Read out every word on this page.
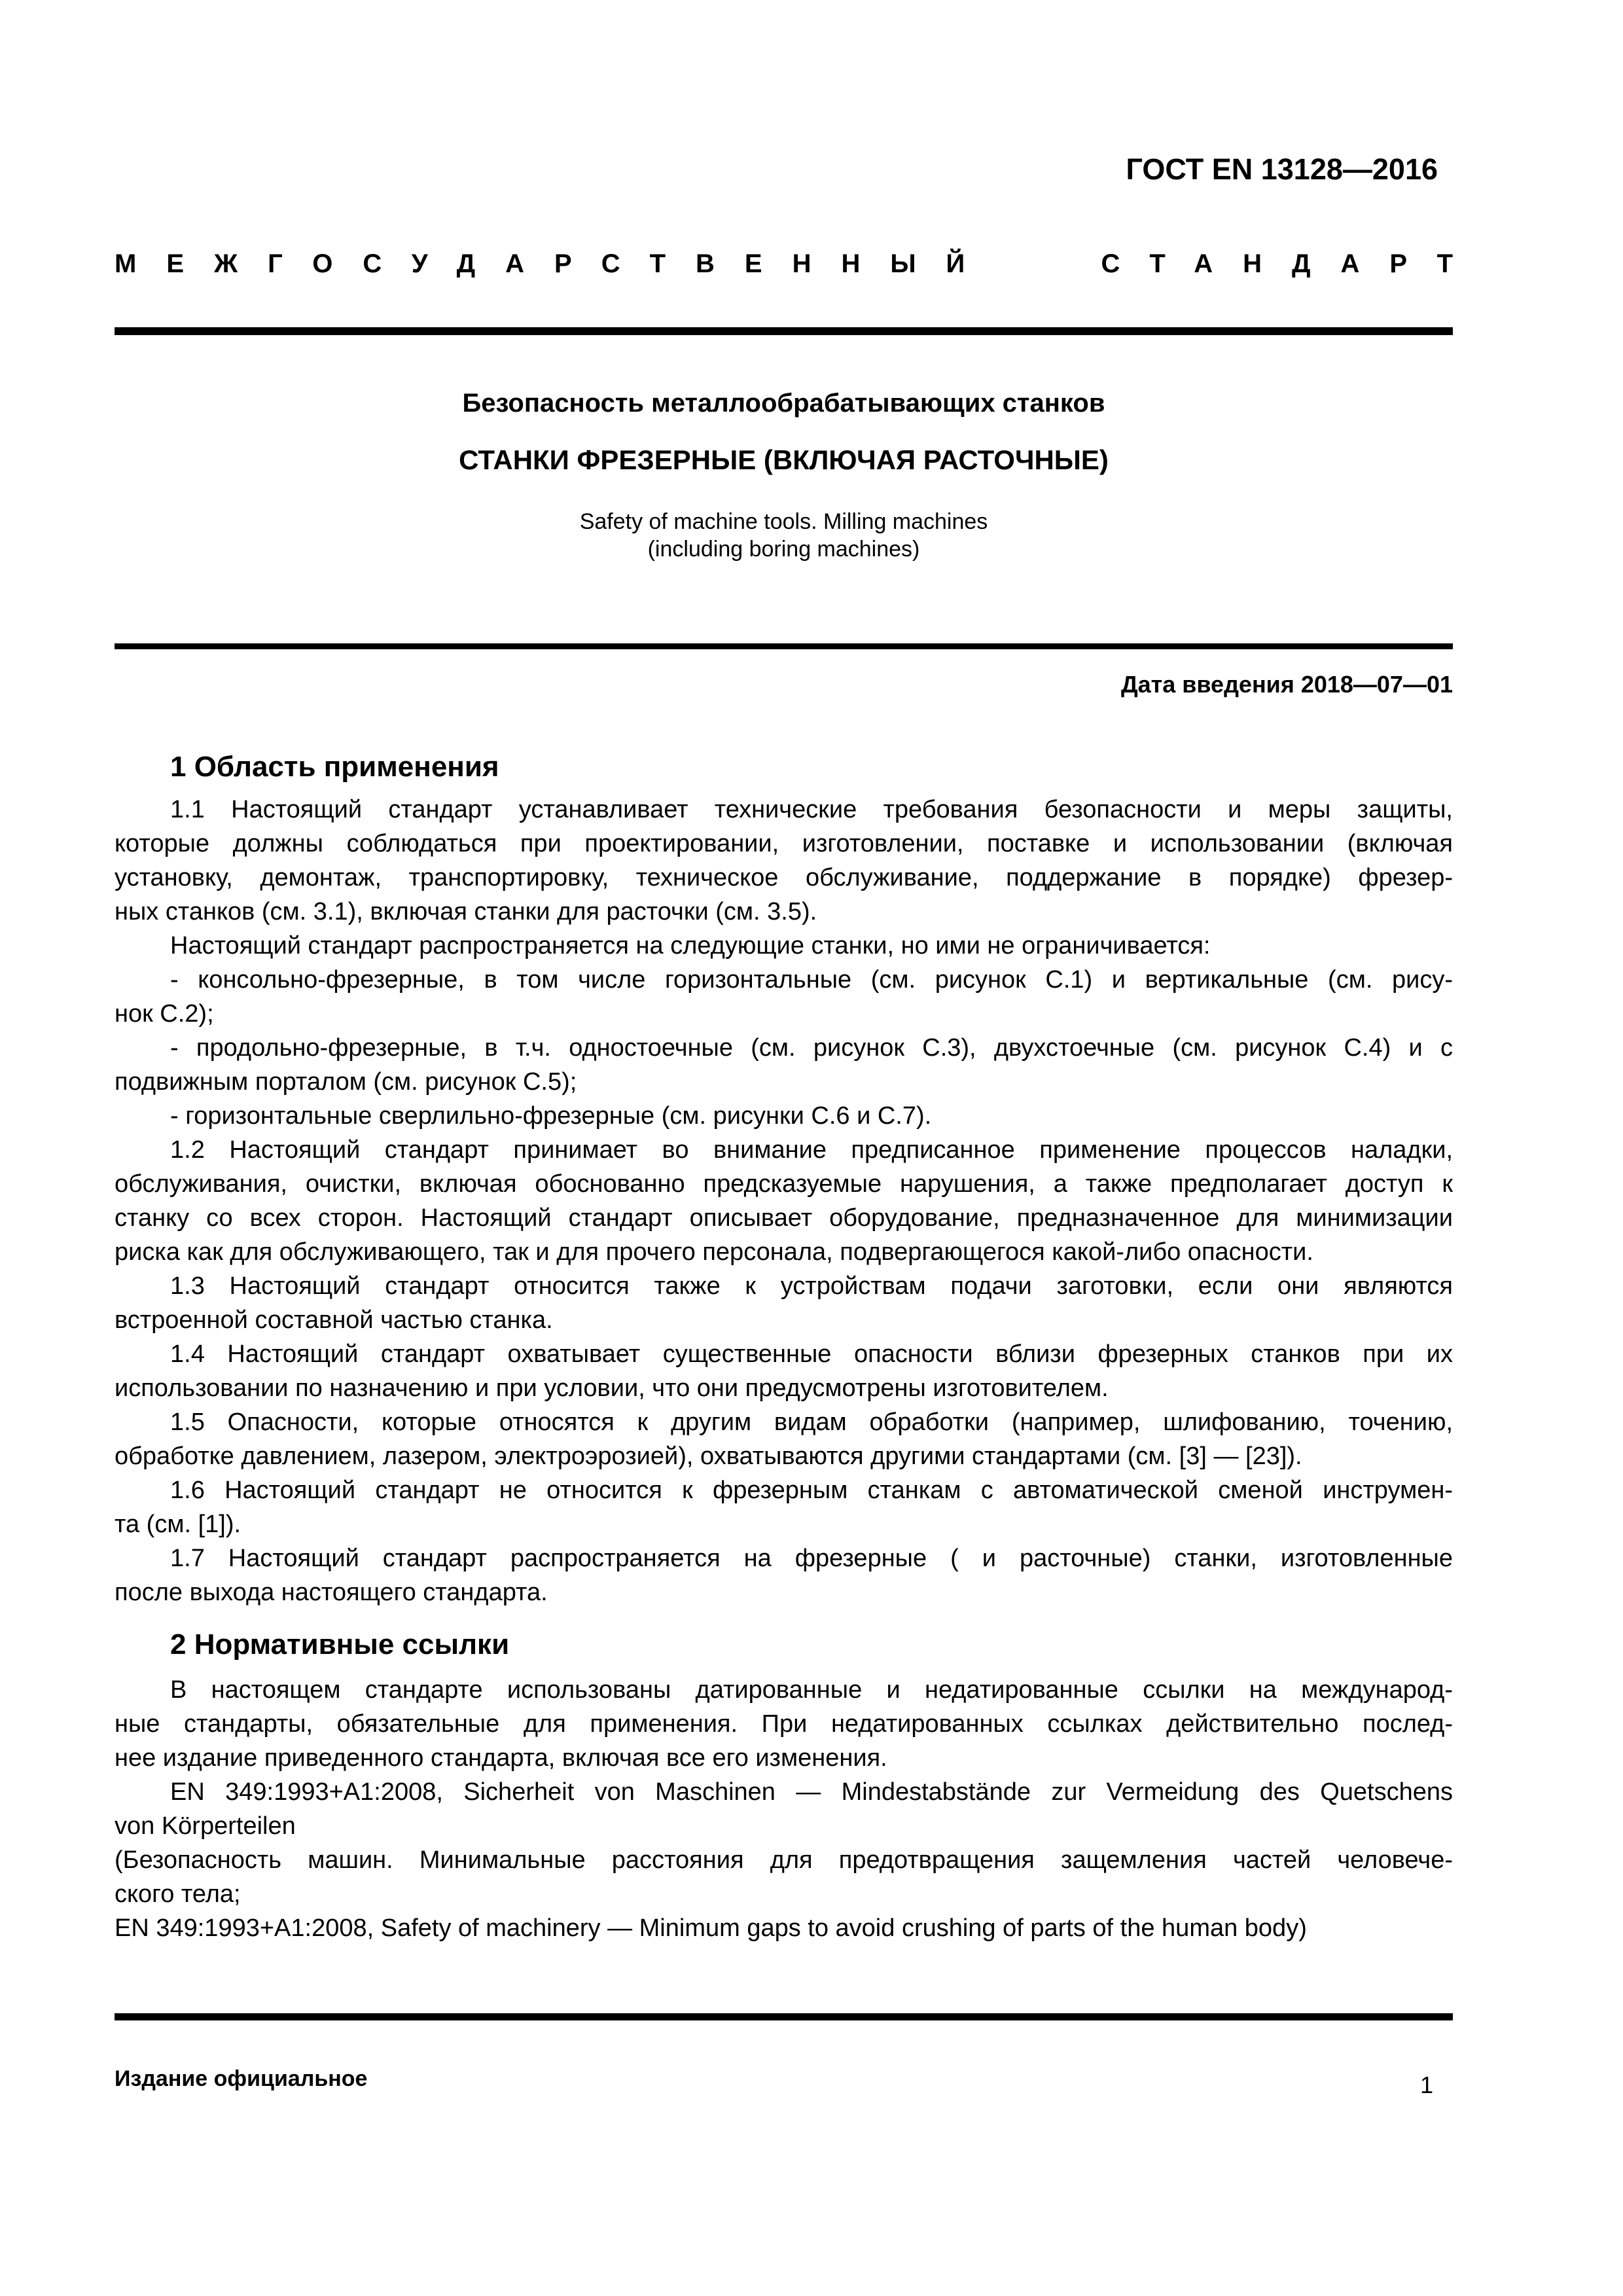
ГОСТ EN 13128—2016
МЕЖГОСУДАРСТВЕННЫЙ	СТАНДАРТ
Безопасность металлообрабатывающих станков
СТАНКИ ФРЕЗЕРНЫЕ (ВКЛЮЧАЯ РАСТОЧНЫЕ)
Safety of machine tools. Milling machines
(including boring machines)
Дата введения 2018—07—01
1 Область применения
1.1 Настоящий стандарт устанавливает технические требования безопасности и меры защиты,
которые должны соблюдаться при проектировании, изготовлении, поставке и использовании (включая
установку, демонтаж, транспортировку, техническое обслуживание, поддержание в порядке) фрезер-
ных станков (см. 3.1), включая станки для расточки (см. 3.5).
Настоящий стандарт распространяется на следующие станки, но ими не ограничивается:
- консольно-фрезерные, в том числе горизонтальные (см. рисунок С.1) и вертикальные (см. рису-
нок С.2);
- продольно-фрезерные, в т.ч. одностоечные (см. рисунок С.3), двухстоечные (см. рисунок С.4) и с
подвижным порталом (см. рисунок С.5);
- горизонтальные сверлильно-фрезерные (см. рисунки С.6 и С.7).
1.2 Настоящий стандарт принимает во внимание предписанное применение процессов наладки,
обслуживания, очистки, включая обоснованно предсказуемые нарушения, а также предполагает доступ к
станку со всех сторон. Настоящий стандарт описывает оборудование, предназначенное для минимизации
риска как для обслуживающего, так и для прочего персонала, подвергающегося какой-либо опасности.
1.3 Настоящий стандарт относится также к устройствам подачи заготовки, если они являются
встроенной составной частью станка.
1.4 Настоящий стандарт охватывает существенные опасности вблизи фрезерных станков при их
использовании по назначению и при условии, что они предусмотрены изготовителем.
1.5 Опасности, которые относятся к другим видам обработки (например, шлифованию, точению,
обработке давлением, лазером, электроэрозией), охватываются другими стандартами (см. [3] — [23]).
1.6 Настоящий стандарт не относится к фрезерным станкам с автоматической сменой инструмен-
та (см. [1]).
1.7 Настоящий стандарт распространяется на фрезерные ( и расточные) станки, изготовленные
после выхода настоящего стандарта.
2 Нормативные ссылки
В настоящем стандарте использованы датированные и недатированные ссылки на международ-
ные стандарты, обязательные для применения. При недатированных ссылках действительно послед-
нее издание приведенного стандарта, включая все его изменения.
EN 349:1993+A1:2008, Sicherheit von Maschinen — Mindestabstände zur Vermeidung des Quetschens
von Körperteilen
(Безопасность машин. Минимальные расстояния для предотвращения защемления частей человече-
ского тела;
EN 349:1993+A1:2008, Safety of machinery — Minimum gaps to avoid crushing of parts of the human body)
Издание официальное	1
